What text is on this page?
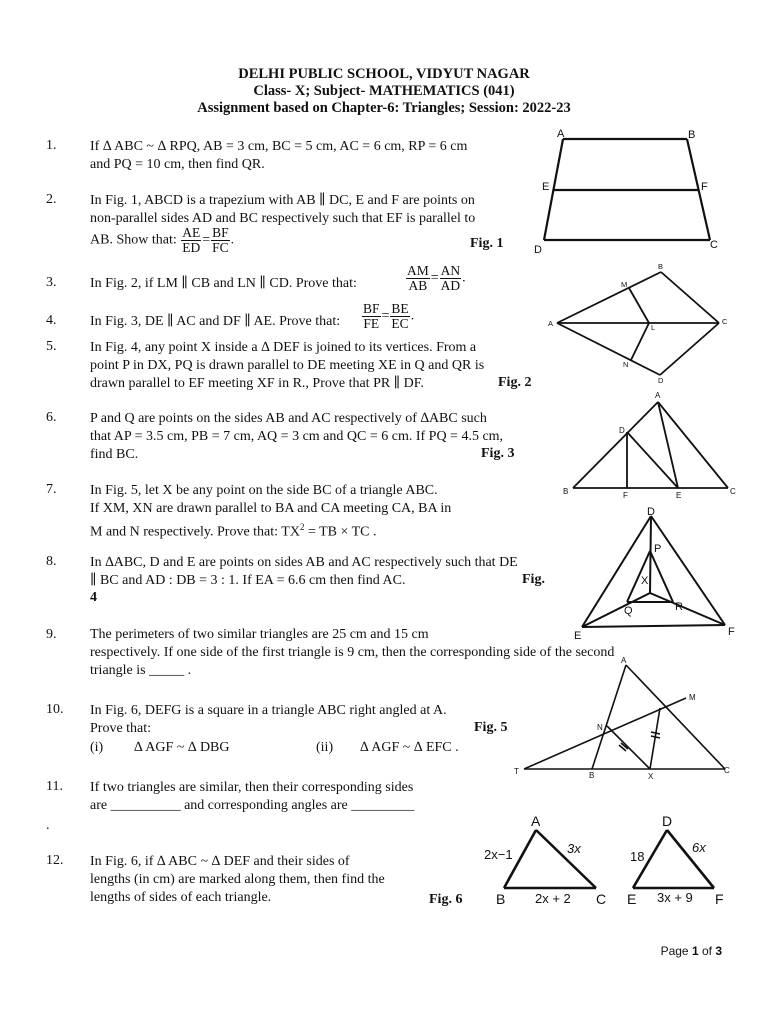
DELHI PUBLIC SCHOOL, VIDYUT NAGAR
Class- X; Subject- MATHEMATICS (041)
Assignment based on Chapter-6: Triangles; Session: 2022-23
1. If ∆ ABC ~ ∆ RPQ, AB = 3 cm, BC = 5 cm, AC = 6 cm, RP = 6 cm
and PQ = 10 cm, then find QR.
2. In Fig. 1, ABCD is a trapezium with AB ∥ DC, E and F are points on
non-parallel sides AD and BC respectively such that EF is parallel to
AB. Show that: $\frac{AE}{ED} = \frac{BF}{FC}$ .	Fig. 1
3. In Fig. 2, if LM ∥ CB and LN ∥ CD. Prove that:	$\frac{AM}{AB} = \frac{AN}{AD}$ .
4. In Fig. 3, DE ∥ AC and DF ∥ AE. Prove that: $\frac{BF}{FE} = \frac{BE}{EC}$ .
5. In Fig. 4, any point X inside a ∆ DEF is joined to its vertices. From a
point P in DX, PQ is drawn parallel to DE meeting XE in Q and QR is
drawn parallel to EF meeting XF in R., Prove that PR ∥ DF.	Fig. 2
6. P and Q are points on the sides AB and AC respectively of ∆ABC such
that AP = 3.5 cm, PB = 7 cm, AQ = 3 cm and QC = 6 cm. If PQ = 4.5 cm,
find BC.	Fig. 3
7. In Fig. 5, let X be any point on the side BC of a triangle ABC.
If XM, XN are drawn parallel to BA and CA meeting CA, BA in
M and N respectively. Prove that: $TX^2$ = TB × TC .
8. In ∆ABC, D and E are points on sides AB and AC respectively such that DE
∥ BC and AD : DB = 3 : 1. If EA = 6.6 cm then find AC.	Fig.
4
9. The perimeters of two similar triangles are 25 cm and 15 cm
respectively. If one side of the first triangle is 9 cm, then the corresponding side of the second
triangle is _____ .
10. In Fig. 6, DEFG is a square in a triangle ABC right angled at A.
Prove that:
(i) ∆ AGF ~ ∆ DBG	(ii) ∆ AGF ~ ∆ EFC .
Fig. 5
11. If two triangles are similar, then their corresponding sides
are __________ and corresponding angles are _________
.
12. In Fig. 6, if ∆ ABC ~ ∆ DEF and their sides of
lengths (in cm) are marked along them, then find the
lengths of sides of each triangle.	Fig. 6
A	B
C
D
E	F
A
B
C
D
L
M
N
A
B	C
D
E
F
D
E	F
P
Q	R
X
A
B
C
M
N
T
X
A
B	C
D
E	F
2x−1	3x
2x + 2
18
6x
3x + 9
Page 1 of 3
